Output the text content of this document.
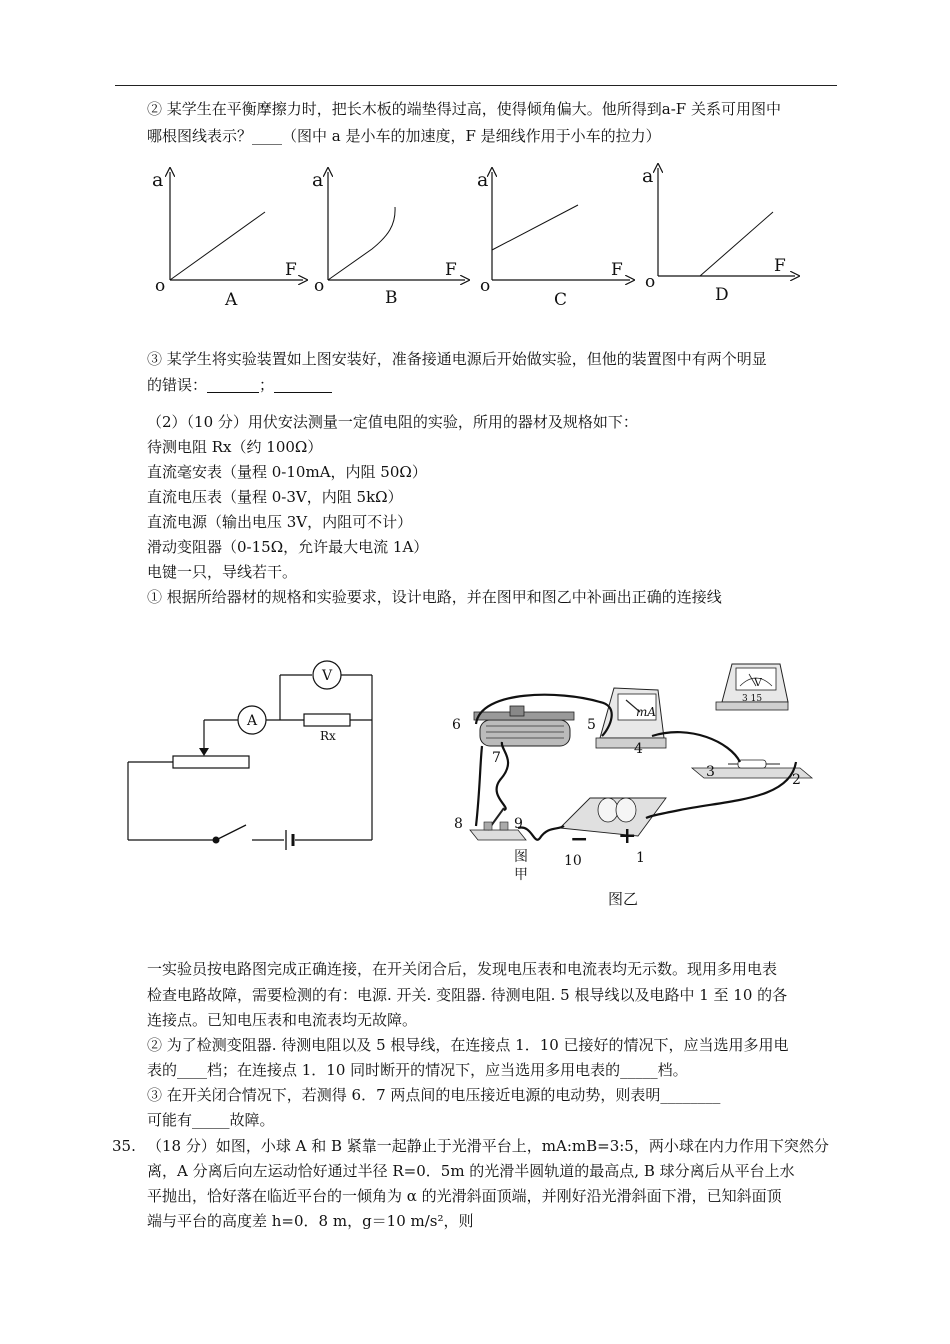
② 某学生在平衡摩擦力时，把长木板的端垫得过高，使得倾角偏大。他所得到a-F 关系可用图中
哪根图线表示？____（图中 a 是小车的加速度，F 是细线作用于小车的拉力）
a
F
o
A
a
F
o
B
a
F
o
C
a
F
o
D
③ 某学生将实验装置如上图安装好，准备接通电源后开始做实验，但他的装置图中有两个明显
的错误：	；
（2）（10 分）用伏安法测量一定值电阻的实验，所用的器材及规格如下：
待测电阻 Rx（约 100Ω）
直流毫安表（量程 0-10mA，内阻 50Ω）
直流电压表（量程 0-3V，内阻 5kΩ）
直流电源（输出电压 3V，内阻可不计）
滑动变阻器（0-15Ω，允许最大电流 1A）
电键一只，导线若干。
① 根据所给器材的规格和实验要求，设计电路，并在图甲和图乙中补画出正确的连接线
V
A
Rx
V
3 15
mA
− +
1
2
3
4
5
6
7
8	9
10
图甲
图乙
一实验员按电路图完成正确连接，在开关闭合后，发现电压表和电流表均无示数。现用多用电表
检查电路故障，需要检测的有：电源. 开关. 变阻器. 待测电阻. 5 根导线以及电路中 1 至 10 的各
连接点。已知电压表和电流表均无故障。
② 为了检测变阻器. 待测电阻以及 5 根导线，在连接点 1．10 已接好的情况下，应当选用多用电
表的____档；在连接点 1．10 同时断开的情况下，应当选用多用电表的_____档。
③ 在开关闭合情况下，若测得 6．7 两点间的电压接近电源的电动势，则表明________
可能有_____故障。
35. （18 分）如图，小球 A 和 B 紧靠一起静止于光滑平台上，mA:mB=3:5，两小球在内力作用下突然分
离，A 分离后向左运动恰好通过半径 R=0．5m 的光滑半圆轨道的最高点, B 球分离后从平台上水
平抛出，恰好落在临近平台的一倾角为 α 的光滑斜面顶端，并刚好沿光滑斜面下滑，已知斜面顶
端与平台的高度差 h=0．8 m，g＝10 m/s²，则
